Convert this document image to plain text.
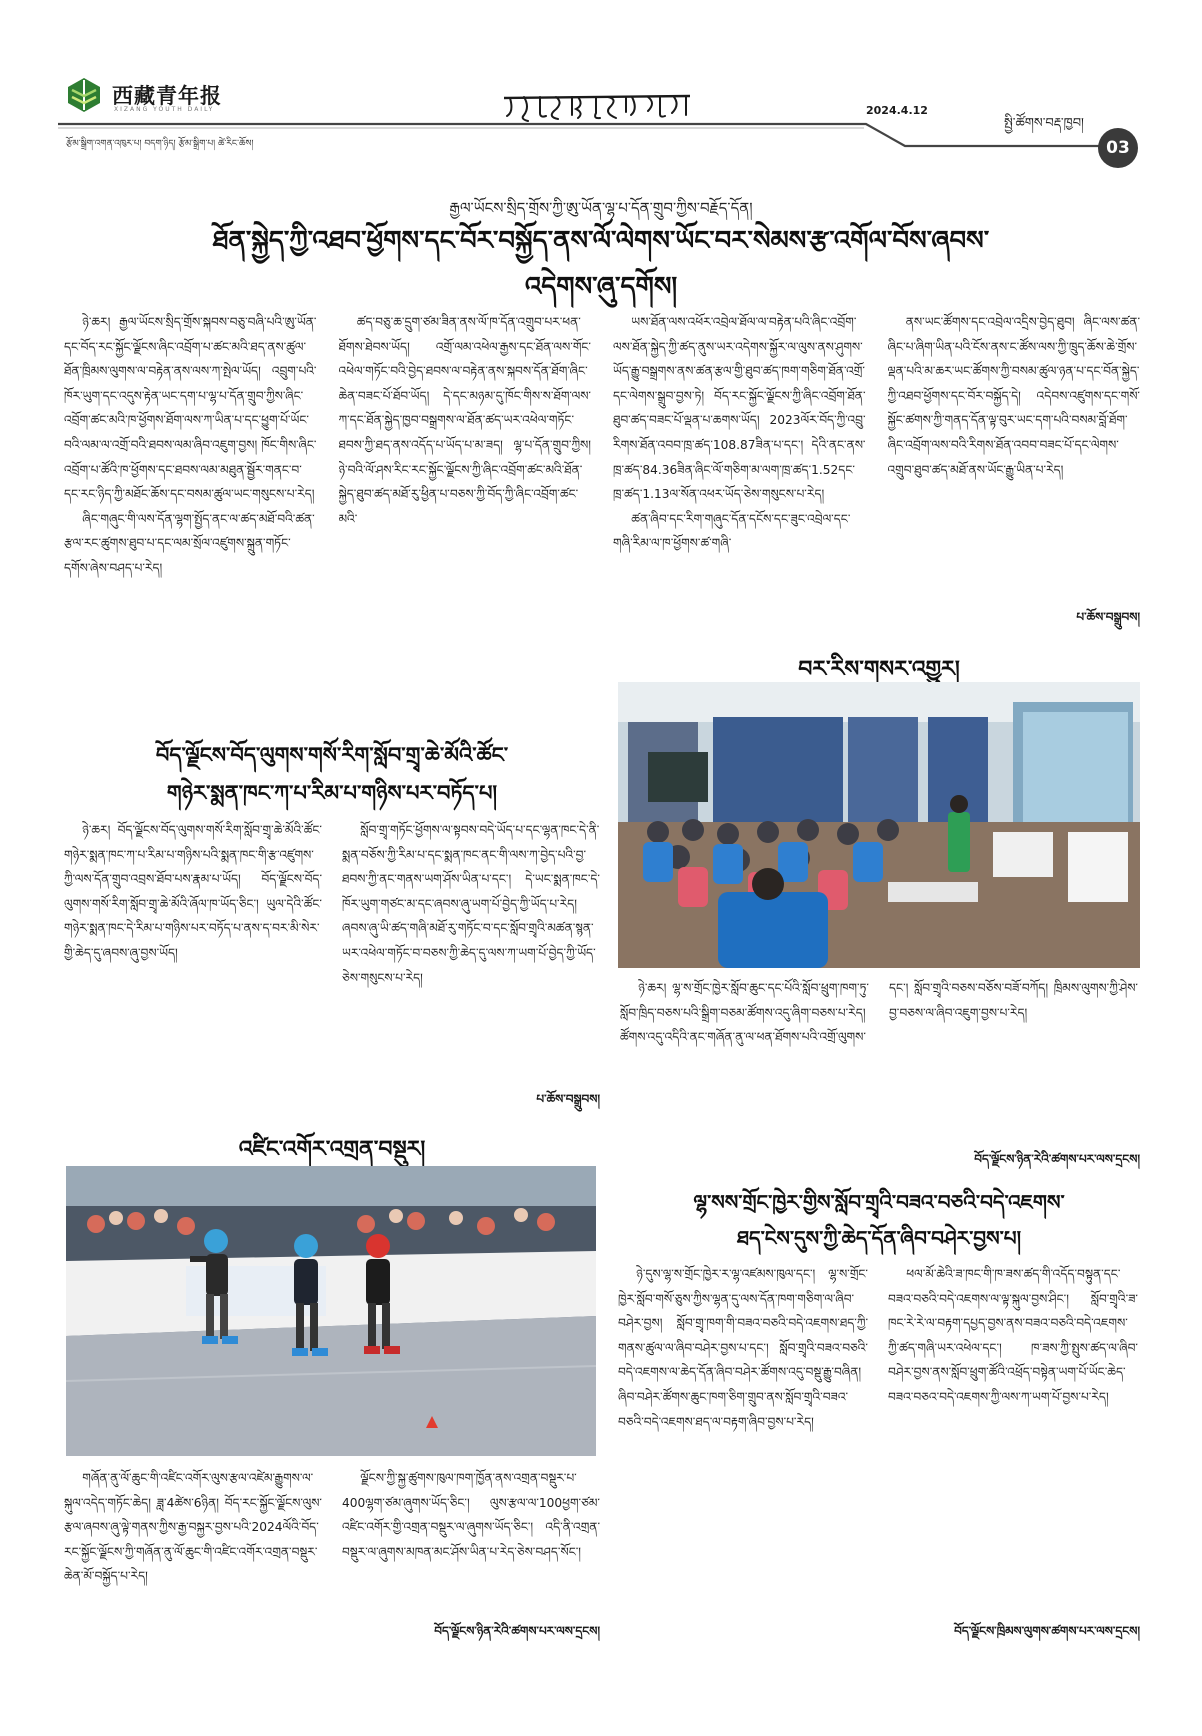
西藏青年报
XIZANG YOUTH DAILY	2024.4.12
སྤྱི་ཚོགས་བརྡ་ཁྱབ།
03
རྩོམ་སྒྲིག་འགན་འཁུར་པ། བདག་ཉིད། རྩོམ་སྒྲིག་པ། ཚེ་རིང་ཆོས།
རྒྱལ་ཡོངས་སྲིད་གྲོས་ཀྱི་ཨུ་ཡོན་ལྷ་པ་དོན་གྲུབ་ཀྱིས་བརྗོད་དོན།
ཐོན་སྐྱེད་ཀྱི་འཐབ་ཕྱོགས་དང་བོར་བསྐྱོད་ནས་ལོ་ལེགས་ཡོང་བར་སེམས་རྩ་འགོལ་བོས་ཞབས་
འདེགས་ཞུ་དགོས།

ཉེ་ཆར། རྒྱལ་ཡོངས་སྲིད་གྲོས་སྐབས་བཅུ་བཞི་པའི་ཨུ་ཡོན་དང་བོད་རང་སྐྱོང་ལྗོངས་ཞིང་འབྲོག་པ་ཚང་མའི་ཐད་ནས་ཚུལ་ཐོན་ཁྲིམས་ལུགས་ལ་བརྟེན་ནས་ལས་ཀ་སྤེལ་ཡོད། འབྲུག་པའི་ཁོར་ཡུག་དང་འདུས་རྟེན་ཡང་དག་པ་ལྷ་པ་དོན་གྲུབ་ཀྱིས་ཞིང་འབྲོག་ཚང་མའི་ཁ་ཕྱོགས་ཐོག་ལས་ཀ་ཡིན་པ་དང་ཕྱུག་པོ་ཡོང་བའི་ལམ་ལ་འགྲོ་བའི་ཐབས་ལམ་ཞིབ་འཇུག་བྱས། ཁོང་གིས་ཞིང་འབྲོག་པ་ཚོའི་ཁ་ཕྱོགས་དང་ཐབས་ལམ་མཐུན་སྦྱོར་གནང་བ་དང་རང་ཉིད་ཀྱི་མཐོང་ཆོས་དང་བསམ་ཚུལ་ཡང་གསུངས་པ་རེད།

ཞིང་གཞུང་གི་ལས་དོན་ལྷག་སྤྱོད་ནང་ལ་ཚད་མཐོ་བའི་ཚན་རྩལ་རང་ཚུགས་ཐུབ་པ་དང་ལམ་སྲོལ་འཛུགས་སྐྲུན་གཏོང་དགོས་ཞེས་བཤད་པ་རེད།

ཚད་བཅུ་ཆ་དྲུག་ཙམ་ཟིན་ནས་ལོ་ཁ་དོན་འགྲུབ་པར་ཕན་ཐོགས་ཐེབས་ཡོད། འགྲོ་ལམ་འཕེལ་རྒྱས་དང་ཐོན་ལས་གོང་འཕེལ་གཏོང་བའི་བྱེད་ཐབས་ལ་བརྟེན་ནས་སྐབས་དོན་ཐོག་ཞིང་ཆེན་བཟང་པོ་ཐོབ་ཡོད། དེ་དང་མཉམ་དུ་ཁོང་གིས་ས་ཐོག་ལས་ཀ་དང་ཐོན་སྐྱེད་ཁྱབ་བསྒྲགས་ལ་ཐོན་ཚད་ཡར་འཕེལ་གཏོང་ཐབས་ཀྱི་ཐད་ནས་འདོད་པ་ཡོད་པ་མ་ཟད། ལྷ་པ་དོན་གྲུབ་ཀྱིས། ཉེ་བའི་ལོ་ཤས་རིང་རང་སྐྱོང་ལྗོངས་ཀྱི་ཞིང་འབྲོག་ཚང་མའི་ཐོན་སྐྱེད་ཐུབ་ཚད་མཐོ་རུ་ཕྱིན་པ་བཅས་ཀྱི་བོད་ཀྱི་ཞིང་འབྲོག་ཚང་མའི་

ཡས་ཐོན་ལས་འཕོར་འབྲེལ་ཐོལ་ལ་བརྟེན་པའི་ཞིང་འབྲོག་ལས་ཐོན་སྐྱེད་ཀྱི་ཚད་ནུས་ཡར་འདེགས་སྐྱོར་ལ་ལུས་ནས་ཤུགས་ཡོད་རྒྱུ་བསྒྲགས་ནས་ཚན་རྩལ་གྱི་ཐུབ་ཚད་ཁག་གཅིག་ཐོན་འགྲོ་དང་ལེགས་སྒྲུབ་བྱས་ཏེ། བོད་རང་སྐྱོང་ལྗོངས་ཀྱི་ཞིང་འབྲོག་ཐོན་ཐུབ་ཚད་བཟང་པོ་ལྡན་པ་ཆགས་ཡོད། 2023ལོར་བོད་ཀྱི་འབྲུ་རིགས་ཐོན་འབབ་ཁྲ་ཚད་108.87ཟིན་པ་དང་། དེའི་ནང་ནས་ཁྲ་ཚད་84.36ཟིན་ཞིང་ལོ་གཅིག་མ་ལག་ཁྲ་ཚད་1.52དང་ཁྲ་ཚད་1.13ལ་སོན་འཕར་ཡོད་ཅེས་གསུངས་པ་རེད།

ཚན་ཞིབ་དང་རིག་གཞུང་དོན་དངོས་དང་ཟུང་འབྲེལ་དང་གཞི་རིམ་ལ་ཁ་ཕྱོགས་ཚ་གཞི་

ནས་ཡང་ཚོགས་དང་འབྲེལ་འདྲིས་བྱེད་ཐུབ། ཞིང་ལས་ཚན་ཞིང་པ་ཞིག་ཡིན་པའི་ངོས་ནས་ང་ཚོས་ལས་ཀྱི་ཁྲུད་ཆོས་ཆེ་གྲོས་ལྡན་པའི་མ་ཆར་ཡང་ཚོགས་ཀྱི་བསམ་ཚུལ་ཉན་པ་དང་བོན་སྐྱེད་ཀྱི་འཐབ་ཕྱོགས་དང་བོར་བསྐྱོད་དེ། འདེབས་འཛུགས་དང་གསོ་སྐྱོང་ཚགས་ཀྱི་གནད་དོན་ལྟ་བུར་ཡང་དག་པའི་བསམ་བློ་ཐོག་ཞིང་འབྲོག་ལས་བའི་རིགས་ཐོན་འབབ་བཟང་པོ་དང་ལེགས་འགྲུབ་ཐུབ་ཚད་མཐོ་ནས་ཡོང་རྒྱུ་ཡིན་པ་རེད།

པ་ཆོས་བསྒྲུབས།
བོད་ལྗོངས་བོད་ལུགས་གསོ་རིག་སློབ་གྲྭ་ཆེ་མོའི་ཚོང་
གཉེར་སྨན་ཁང་ཀ་པ་རིམ་པ་གཉིས་པར་བཏོད་པ།

ཉེ་ཆར། བོད་ལྗོངས་བོད་ལུགས་གསོ་རིག་སློབ་གྲྭ་ཆེ་མོའི་ཚོང་གཉེར་སྨན་ཁང་ཀ་པ་རིམ་པ་གཉིས་པའི་སྨན་ཁང་གི་རྩ་འཛུགས་ཀྱི་ལས་དོན་གྲུབ་འབྲས་ཐོབ་པས་རྣམ་པ་ཡོད། བོད་ལྗོངས་བོད་ལུགས་གསོ་རིག་སློབ་གྲྭ་ཆེ་མོའི་ཞོལ་ཁ་ཡོད་ཅིང་། ཡུལ་དེའི་ཚོང་གཉེར་སྨན་ཁང་དེ་རིམ་པ་གཉིས་པར་བཏོད་པ་ནས་ད་བར་མི་སེར་གྱི་ཆེད་དུ་ཞབས་ཞུ་བྱས་ཡོད།

སློབ་གྲྭ་གཏོང་ཕྱོགས་ལ་སྟབས་བདེ་ཡོད་པ་དང་ལྷན་ཁང་དེ་ནི་སྨན་བཅོས་ཀྱི་རིམ་པ་དང་སྨན་ཁང་ནང་གི་ལས་ཀ་བྱེད་པའི་བྱ་ཐབས་ཀྱི་ནང་གནས་ཡག་ཤོས་ཡིན་པ་དང་། དེ་ཡང་སྨན་ཁང་དེ་ཁོར་ཡུག་གཙང་མ་དང་ཞབས་ཞུ་ཡག་པོ་བྱེད་ཀྱི་ཡོད་པ་རེད། ཞབས་ཞུ་ཡི་ཚད་གཞི་མཐོ་རུ་གཏོང་བ་དང་སློབ་གྲྭའི་མཚན་སྙན་ཡར་འཕེལ་གཏོང་བ་བཅས་ཀྱི་ཆེད་དུ་ལས་ཀ་ཡག་པོ་བྱེད་ཀྱི་ཡོད་ཅེས་གསུངས་པ་རེད།

པ་ཆོས་བསྒྲུབས།
འཛིང་འགོར་འགྲན་བསྡུར།

གཞོན་ནུ་ལོ་ཆུང་གི་འཛིང་འགོར་ལུས་རྩལ་འཛེམ་རྒྱུགས་ལ་སྐུལ་འདེད་གཏོང་ཆེད། ཟླ་4ཚེས་6ཉིན། བོད་རང་སྐྱོང་ལྗོངས་ལུས་རྩལ་ཞབས་ཞུ་ལྟེ་གནས་ཀྱིས་རྒྱ་བསྐྱར་བྱས་པའི་2024ལོའི་བོད་རང་སྐྱོང་ལྗོངས་ཀྱི་གཞོན་ནུ་ལོ་ཆུང་གི་འཛིང་འགོར་འགྲན་བསྡུར་ཆེན་མོ་བསྐྱོད་པ་རེད།

ལྗོངས་ཀྱི་སྐྱ་ཚུགས་ཁུལ་ཁག་ཁྱོན་ནས་འགྲན་བསྡུར་པ་400ལྷག་ཙམ་ཞུགས་ཡོད་ཅིང་། ལུས་རྩལ་ལ་100ཕྱག་ཙམ་འཛིང་འགོར་གྱི་འགྲན་བསྡུར་ལ་ཞུགས་ཡོད་ཅིང་། འདི་ནི་འགྲན་བསྡུར་ལ་ཞུགས་མཁན་མང་ཤོས་ཡིན་པ་རེད་ཅེས་བཤད་སོང་།

བོད་ལྗོངས་ཉིན་རེའི་ཚགས་པར་ལས་དྲངས།
བར་རིས་གསར་འགྱུར།

ཉེ་ཆར། ལྷ་ས་གྲོང་ཁྱེར་སློབ་ཆུང་དང་པོའི་སློབ་ཕྲུག་ཁག་ཏུ་སློབ་ཁྲིད་བཅས་པའི་སྒྲིག་བཅམ་ཚོགས་འདུ་ཞིག་བཅས་པ་རེད། ཚོགས་འདུ་འདིའི་ནང་གཞོན་ནུ་ལ་ཕན་ཐོགས་པའི་འགྲོ་ལུགས་དང་། སློབ་གྲྭའི་བཅས་བཅོས་བཟོ་བཀོད། ཁྲིམས་ལུགས་ཀྱི་ཤེས་བྱ་བཅས་ལ་ཞིབ་འཇུག་བྱས་པ་རེད།

བོད་ལྗོངས་ཉིན་རེའི་ཚགས་པར་ལས་དྲངས།
ལྷ་སས་གྲོང་ཁྱེར་གྱིས་སློབ་གྲྭའི་བཟའ་བཅའི་བདེ་འཇགས་
ཐད་ངེས་དུས་ཀྱི་ཆེད་དོན་ཞིབ་བཤེར་བྱས་པ།

ཉེ་དུས་ལྷ་ས་གྲོང་ཁྱེར་ར་ལྷ་འཛམས་ཁུལ་དང་། ལྷ་ས་གྲོང་ཁྱེར་སློབ་གསོ་ཅུས་ཀྱིས་ལྷན་དུ་ལས་དོན་ཁག་གཅིག་ལ་ཞིབ་བཤེར་བྱས། སློབ་གྲྭ་ཁག་གི་བཟའ་བཅའི་བདེ་འཇགས་ཐད་ཀྱི་གནས་ཚུལ་ལ་ཞིབ་བཤེར་བྱས་པ་དང་། སློབ་གྲྭའི་བཟའ་བཅའི་བདེ་འཇགས་ལ་ཆེད་དོན་ཞིབ་བཤེར་ཚོགས་འདུ་བསྡུ་རྒྱུ་བཞིན། ཞིབ་བཤེར་ཚོགས་ཆུང་ཁག་ཅིག་གྲུབ་ནས་སློབ་གྲྭའི་བཟའ་བཅའི་བདེ་འཇགས་ཐད་ལ་བརྟག་ཞིབ་བྱས་པ་རེད།

ཕལ་མོ་ཆེའི་ཟ་ཁང་གི་ཁ་ཟས་ཚད་གི་འདོད་བསྟུན་དང་བཟའ་བཅའི་བདེ་འཇགས་ལ་ལྟ་སྐུལ་བྱས་ཤིང་། སློབ་གྲྭའི་ཟ་ཁང་རེ་རེ་ལ་བརྟག་དཔྱད་བྱས་ནས་བཟའ་བཅའི་བདེ་འཇགས་ཀྱི་ཚད་གཞི་ཡར་འཕེལ་དང་། ཁ་ཟས་ཀྱི་སྤུས་ཚད་ལ་ཞིབ་བཤེར་བྱས་ནས་སློབ་ཕྲུག་ཚོའི་འཕྲོད་བསྟེན་ཡག་པོ་ཡོང་ཆེད་བཟའ་བཅའ་བདེ་འཇགས་ཀྱི་ལས་ཀ་ཡག་པོ་བྱས་པ་རེད།

བོད་ལྗོངས་ཁྲིམས་ལུགས་ཚགས་པར་ལས་དྲངས།
